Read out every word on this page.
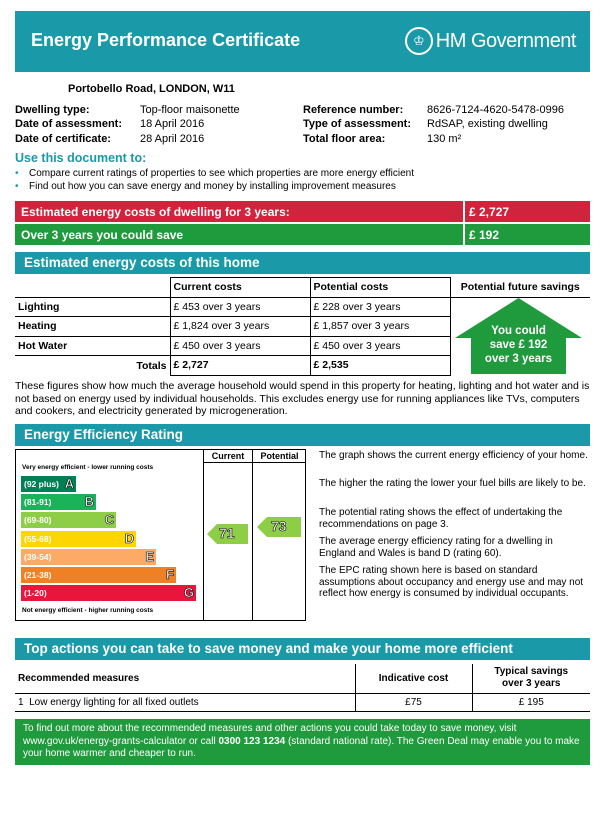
Energy Performance Certificate	♔ HM Government
Portobello Road, LONDON, W11
Dwelling type:	Top-floor maisonette
Date of assessment: 18 April 2016
Date of certificate:	28 April 2016
Reference number: 8626-7124-4620-5478-0996
Type of assessment: RdSAP, existing dwelling
Total floor area:	130 m²
Use this document to:
• Compare current ratings of properties to see which properties are more energy efficient
• Find out how you can save energy and money by installing improvement measures
Estimated energy costs of dwelling for 3 years:	£ 2,727
Over 3 years you could save	£ 192
Estimated energy costs of this home
	Current costs	Potential costs	Potential future savings
Lighting	£ 453 over 3 years	£ 228 over 3 years	
Heating	£ 1,824 over 3 years	£ 1,857 over 3 years	
Hot Water	£ 450 over 3 years	£ 450 over 3 years	
Totals	£ 2,727	£ 2,535	
You could
save £ 192
over 3 years
These figures show how much the average household would spend in this property for heating, lighting and hot water and is not based on energy used by individual households. This excludes energy use for running appliances like TVs, computers and cookers, and electricity generated by microgeneration.
Energy Efficiency Rating
Very energy efficient - lower running costs
(92 plus) A
(81-91)	B
(69-80)	C
(55-68)	D
(39-54)	E
(21-38)	F
(1-20)	G
Not energy efficient - higher running costs
Current	Potential
71	73
The graph shows the current energy efficiency of your home.
The higher the rating the lower your fuel bills are likely to be.
The potential rating shows the effect of undertaking the recommendations on page 3.
The average energy efficiency rating for a dwelling in England and Wales is band D (rating 60).
The EPC rating shown here is based on standard assumptions about occupancy and energy use and may not reflect how energy is consumed by individual occupants.
Top actions you can take to save money and make your home more efficient
Recommended measures	Indicative cost	Typical savings
over 3 years

1 Low energy lighting for all fixed outlets	£75	£ 195
To find out more about the recommended measures and other actions you could take today to save money, visit www.gov.uk/energy-grants-calculator or call 0300 123 1234 (standard national rate). The Green Deal may enable you to make your home warmer and cheaper to run.
